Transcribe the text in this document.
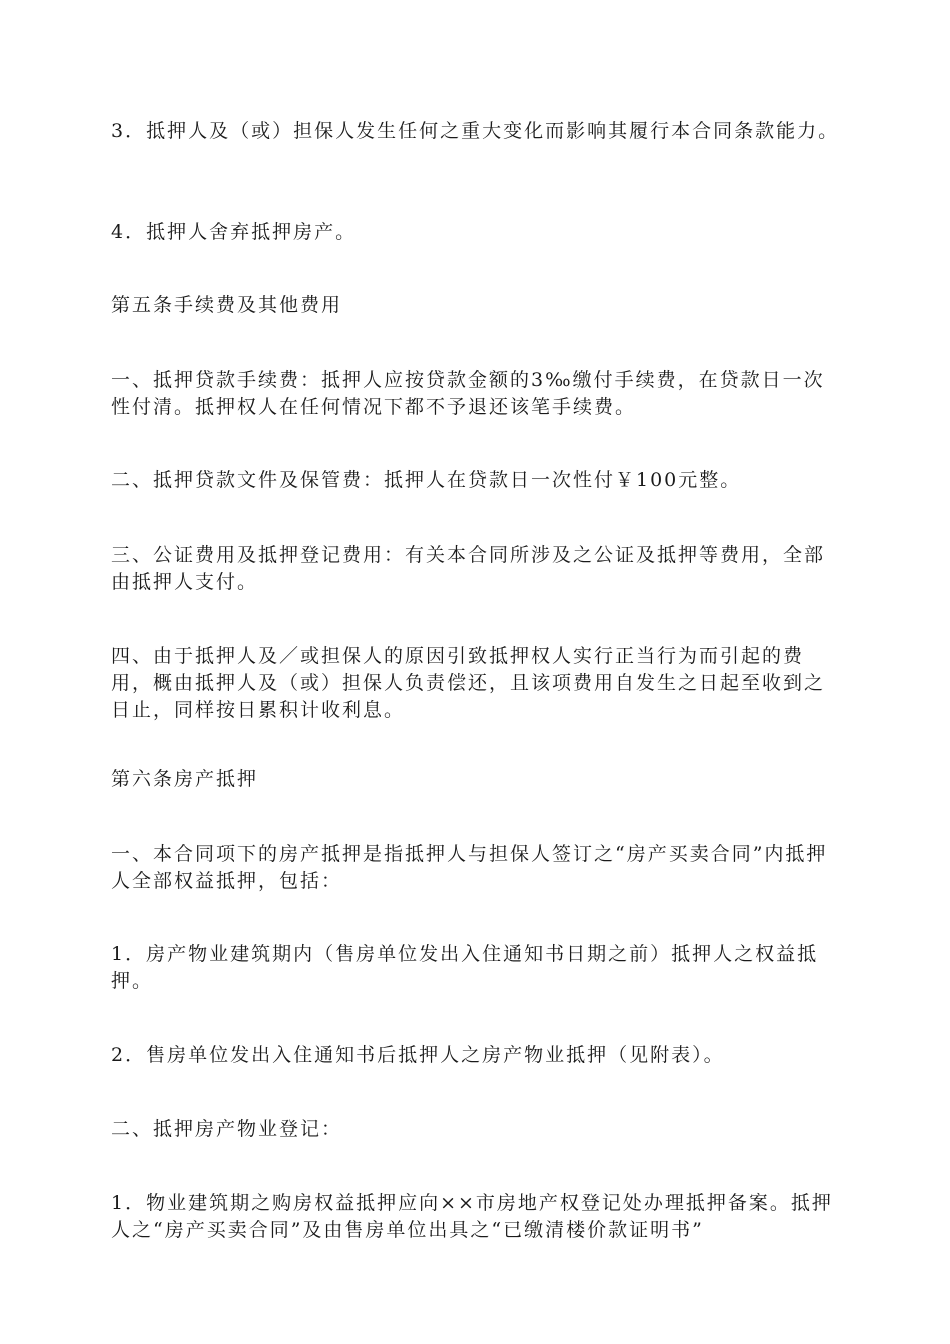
3．抵押人及（或）担保人发生任何之重大变化而影响其履行本合同条款能力。

4．抵押人舍弃抵押房产。

第五条手续费及其他费用

一、抵押贷款手续费：抵押人应按贷款金额的3‰缴付手续费，在贷款日一次性付清。抵押权人在任何情况下都不予退还该笔手续费。

二、抵押贷款文件及保管费：抵押人在贷款日一次性付￥100元整。

三、公证费用及抵押登记费用：有关本合同所涉及之公证及抵押等费用，全部由抵押人支付。

四、由于抵押人及／或担保人的原因引致抵押权人实行正当行为而引起的费用，概由抵押人及（或）担保人负责偿还，且该项费用自发生之日起至收到之日止，同样按日累积计收利息。

第六条房产抵押

一、本合同项下的房产抵押是指抵押人与担保人签订之“房产买卖合同”内抵押人全部权益抵押，包括：

1．房产物业建筑期内（售房单位发出入住通知书日期之前）抵押人之权益抵押。

2．售房单位发出入住通知书后抵押人之房产物业抵押（见附表）。

二、抵押房产物业登记：

1．物业建筑期之购房权益抵押应向××市房地产权登记处办理抵押备案。抵押人之“房产买卖合同”及由售房单位出具之“已缴清楼价款证明书”
